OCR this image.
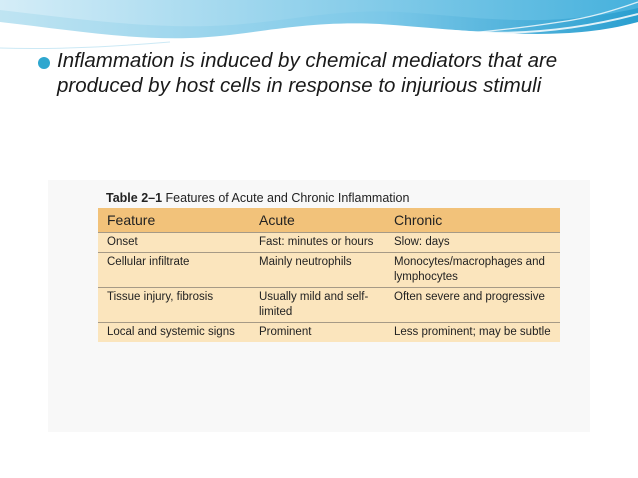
Inflammation is induced by chemical mediators that are produced by host cells in response to injurious stimuli
Table 2–1 Features of Acute and Chronic Inflammation
Feature	Acute	Chronic
Onset	Fast: minutes or hours	Slow: days
Cellular infiltrate	Mainly neutrophils	Monocytes/macrophages and lymphocytes
Tissue injury, fibrosis	Usually mild and self-limited	Often severe and progressive
Local and systemic signs	Prominent	Less prominent; may be subtle
